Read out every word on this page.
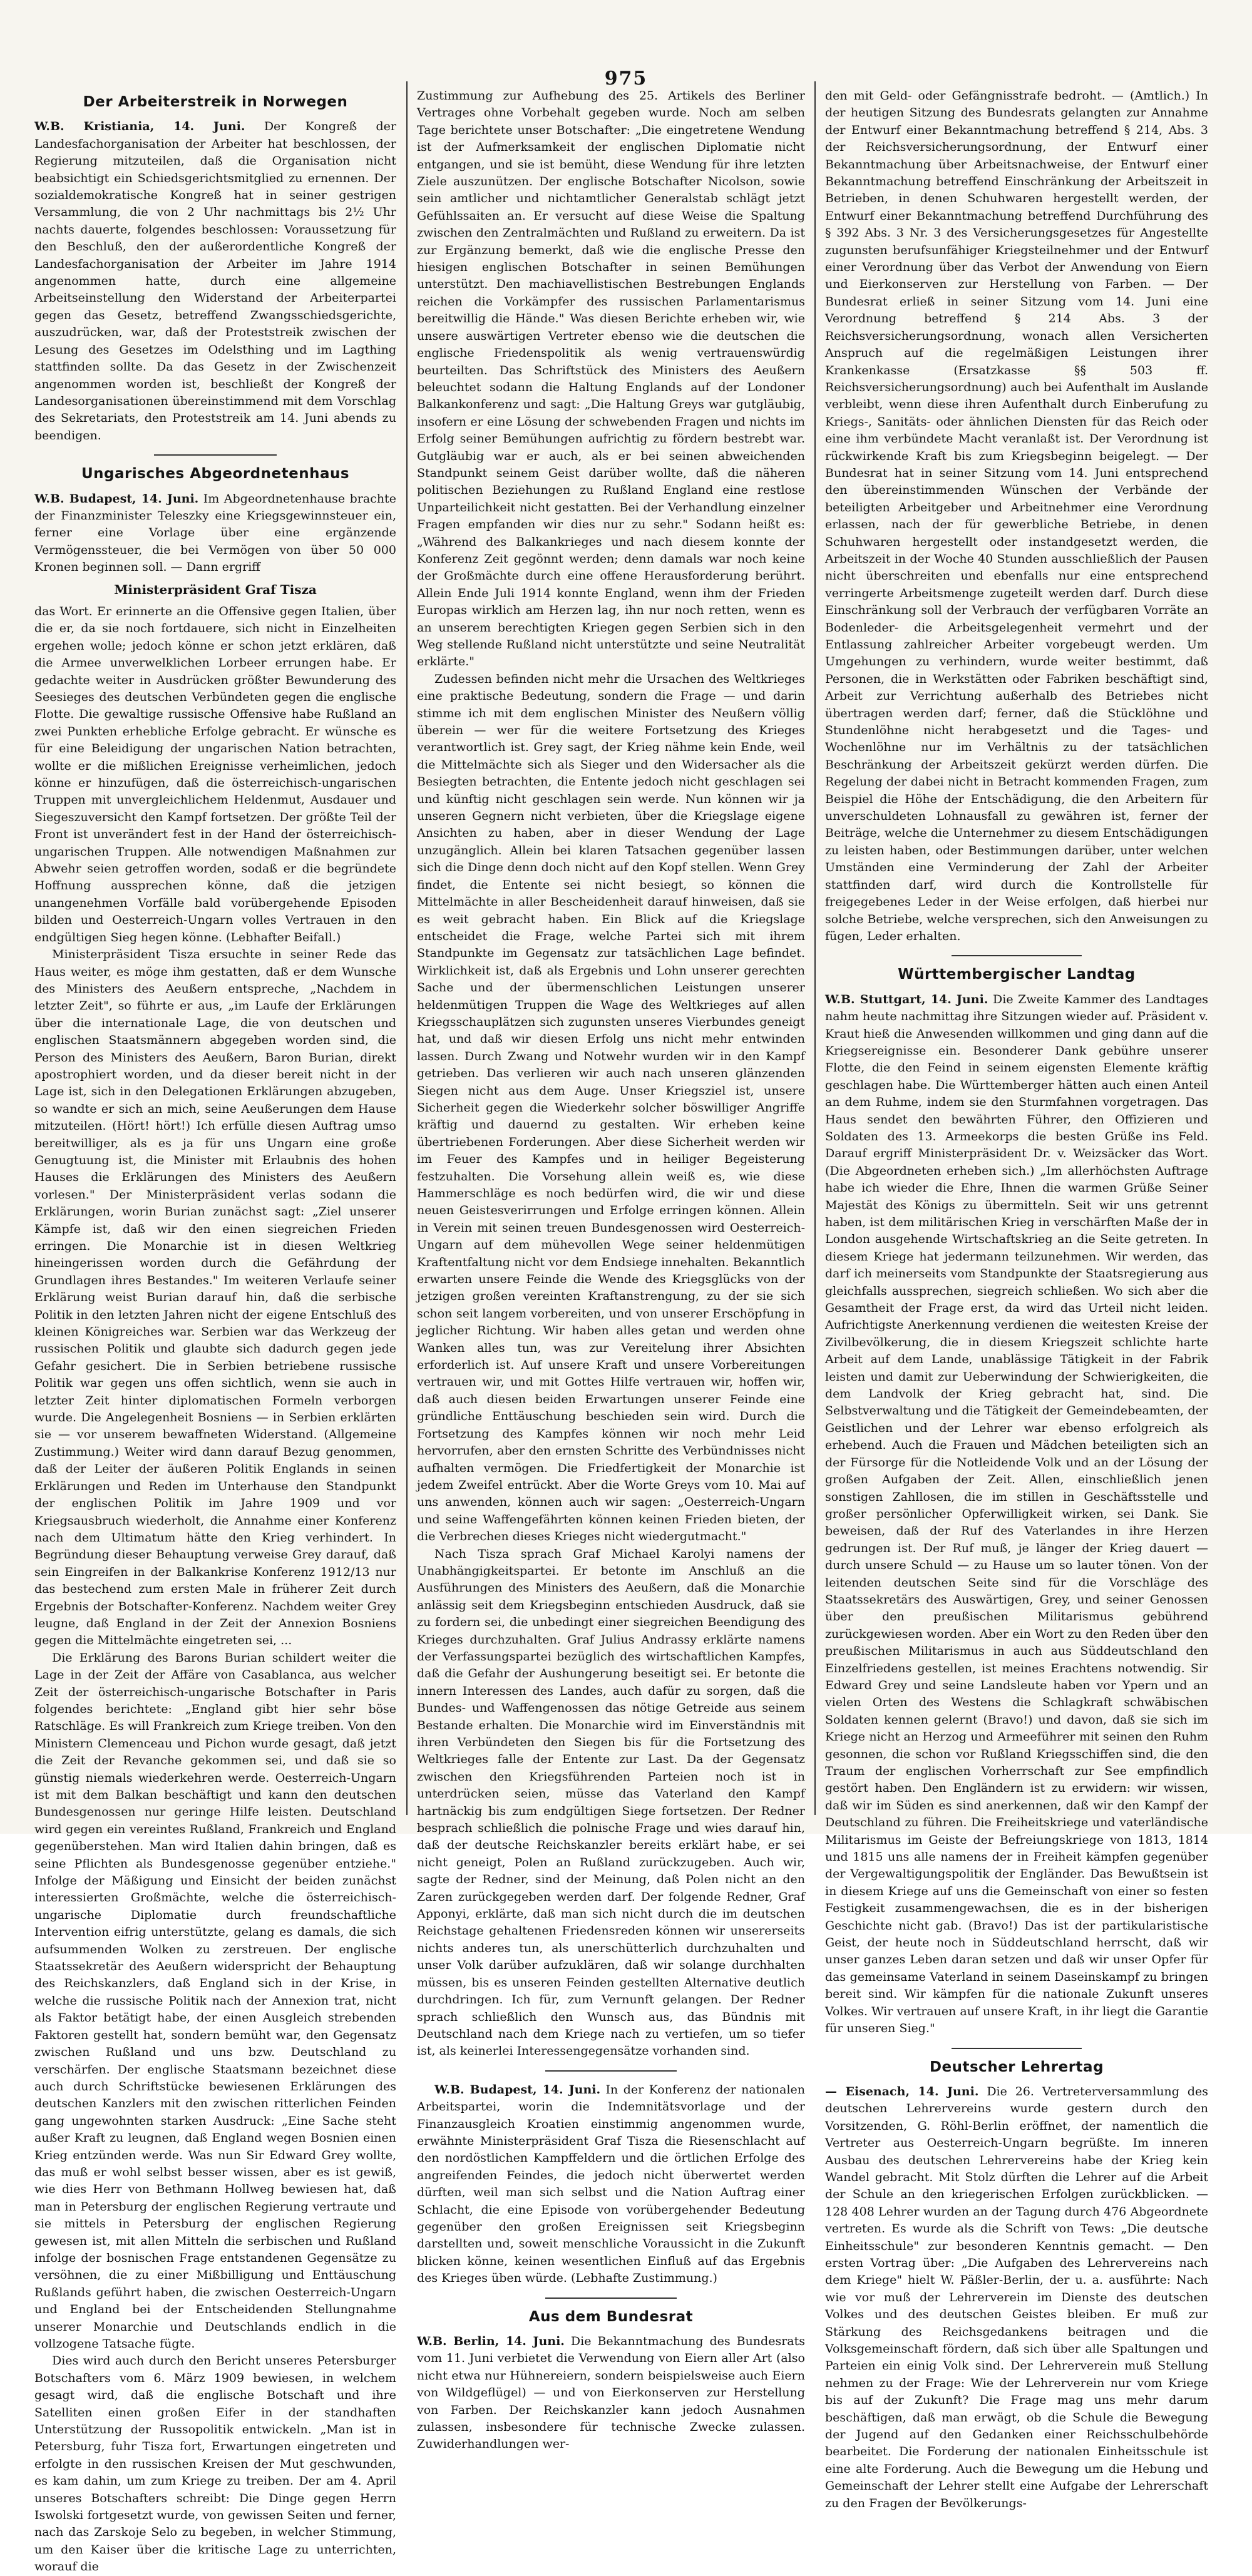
975
Der Arbeiterstreik in Norwegen

W.B. Kristiania, 14. Juni. Der Kongreß der Landesfachorganisation der Arbeiter hat beschlossen, der Regierung mitzuteilen, daß die Organisation nicht beabsichtigt ein Schiedsgerichtsmitglied zu ernennen. Der sozialdemokratische Kongreß hat in seiner gestrigen Versammlung, die von 2 Uhr nachmittags bis 2½ Uhr nachts dauerte, folgendes beschlossen: Voraussetzung für den Beschluß, den der außerordentliche Kongreß der Landesfachorganisation der Arbeiter im Jahre 1914 angenommen hatte, durch eine allgemeine Arbeitseinstellung den Widerstand der Arbeiterpartei gegen das Gesetz, betreffend Zwangsschiedsgerichte, auszudrücken, war, daß der Proteststreik zwischen der Lesung des Gesetzes im Odelsthing und im Lagthing stattfinden sollte. Da das Gesetz in der Zwischenzeit angenommen worden ist, beschließt der Kongreß der Landesorganisationen übereinstimmend mit dem Vorschlag des Sekretariats, den Proteststreik am 14. Juni abends zu beendigen.

Ungarisches Abgeordnetenhaus

W.B. Budapest, 14. Juni. Im Abgeordnetenhause brachte der Finanzminister Teleszky eine Kriegsgewinnsteuer ein, ferner eine Vorlage über eine ergänzende Vermögenssteuer, die bei Vermögen von über 50 000 Kronen beginnen soll. — Dann ergriff

Ministerpräsident Graf Tisza

das Wort. Er erinnerte an die Offensive gegen Italien, über die er, da sie noch fortdauere, sich nicht in Einzelheiten ergehen wolle; jedoch könne er schon jetzt erklären, daß die Armee unverwelklichen Lorbeer errungen habe. Er gedachte weiter in Ausdrücken größter Bewunderung des Seesieges des deutschen Verbündeten gegen die englische Flotte. Die gewaltige russische Offensive habe Rußland an zwei Punkten erhebliche Erfolge gebracht. Er wünsche es für eine Beleidigung der ungarischen Nation betrachten, wollte er die mißlichen Ereignisse verheimlichen, jedoch könne er hinzufügen, daß die österreichisch-ungarischen Truppen mit unvergleichlichem Heldenmut, Ausdauer und Siegeszuversicht den Kampf fortsetzen. Der größte Teil der Front ist unverändert fest in der Hand der österreichisch-ungarischen Truppen. Alle notwendigen Maßnahmen zur Abwehr seien getroffen worden, sodaß er die begründete Hoffnung aussprechen könne, daß die jetzigen unangenehmen Vorfälle bald vorübergehende Episoden bilden und Oesterreich-Ungarn volles Vertrauen in den endgültigen Sieg hegen könne. (Lebhafter Beifall.)

Ministerpräsident Tisza ersuchte in seiner Rede das Haus weiter, es möge ihm gestatten, daß er dem Wunsche des Ministers des Aeußern entspreche, „Nachdem in letzter Zeit", so führte er aus, „im Laufe der Erklärungen über die internationale Lage, die von deutschen und englischen Staatsmännern abgegeben worden sind, die Person des Ministers des Aeußern, Baron Burian, direkt apostrophiert worden, und da dieser bereit nicht in der Lage ist, sich in den Delegationen Erklärungen abzugeben, so wandte er sich an mich, seine Aeußerungen dem Hause mitzuteilen. (Hört! hört!) Ich erfülle diesen Auftrag umso bereitwilliger, als es ja für uns Ungarn eine große Genugtuung ist, die Minister mit Erlaubnis des hohen Hauses die Erklärungen des Ministers des Aeußern vorlesen." Der Ministerpräsident verlas sodann die Erklärungen, worin Burian zunächst sagt: „Ziel unserer Kämpfe ist, daß wir den einen siegreichen Frieden erringen. Die Monarchie ist in diesen Weltkrieg hineingerissen worden durch die Gefährdung der Grundlagen ihres Bestandes." Im weiteren Verlaufe seiner Erklärung weist Burian darauf hin, daß die serbische Politik in den letzten Jahren nicht der eigene Entschluß des kleinen Königreiches war. Serbien war das Werkzeug der russischen Politik und glaubte sich dadurch gegen jede Gefahr gesichert. Die in Serbien betriebene russische Politik war gegen uns offen sichtlich, wenn sie auch in letzter Zeit hinter diplomatischen Formeln verborgen wurde. Die Angelegenheit Bosniens — in Serbien erklärten sie — vor unserem bewaffneten Widerstand. (Allgemeine Zustimmung.) Weiter wird dann darauf Bezug genommen, daß der Leiter der äußeren Politik Englands in seinen Erklärungen und Reden im Unterhause den Standpunkt der englischen Politik im Jahre 1909 und vor Kriegsausbruch wiederholt, die Annahme einer Konferenz nach dem Ultimatum hätte den Krieg verhindert. In Begründung dieser Behauptung verweise Grey darauf, daß sein Eingreifen in der Balkankrise Konferenz 1912/13 nur das bestechend zum ersten Male in früherer Zeit durch Ergebnis der Botschafter-Konferenz. Nachdem weiter Grey leugne, daß England in der Zeit der Annexion Bosniens gegen die Mittelmächte eingetreten sei, ...

Die Erklärung des Barons Burian schildert weiter die Lage in der Zeit der Affäre von Casablanca, aus welcher Zeit der österreichisch-ungarische Botschafter in Paris folgendes berichtete: „England gibt hier sehr böse Ratschläge. Es will Frankreich zum Kriege treiben. Von den Ministern Clemenceau und Pichon wurde gesagt, daß jetzt die Zeit der Revanche gekommen sei, und daß sie so günstig niemals wiederkehren werde. Oesterreich-Ungarn ist mit dem Balkan beschäftigt und kann den deutschen Bundesgenossen nur geringe Hilfe leisten. Deutschland wird gegen ein vereintes Rußland, Frankreich und England gegenüberstehen. Man wird Italien dahin bringen, daß es seine Pflichten als Bundesgenosse gegenüber entziehe." Infolge der Mäßigung und Einsicht der beiden zunächst interessierten Großmächte, welche die österreichisch-ungarische Diplomatie durch freundschaftliche Intervention eifrig unterstützte, gelang es damals, die sich aufsummenden Wolken zu zerstreuen. Der englische Staatssekretär des Aeußern widerspricht der Behauptung des Reichskanzlers, daß England sich in der Krise, in welche die russische Politik nach der Annexion trat, nicht als Faktor betätigt habe, der einen Ausgleich strebenden Faktoren gestellt hat, sondern bemüht war, den Gegensatz zwischen Rußland und uns bzw. Deutschland zu verschärfen. Der englische Staatsmann bezeichnet diese auch durch Schriftstücke bewiesenen Erklärungen des deutschen Kanzlers mit den zwischen ritterlichen Feinden gang ungewohnten starken Ausdruck: „Eine Sache steht außer Kraft zu leugnen, daß England wegen Bosnien einen Krieg entzünden werde. Was nun Sir Edward Grey wollte, das muß er wohl selbst besser wissen, aber es ist gewiß, wie dies Herr von Bethmann Hollweg bewiesen hat, daß man in Petersburg der englischen Regierung vertraute und sie mittels in Petersburg der englischen Regierung gewesen ist, mit allen Mitteln die serbischen und Rußland infolge der bosnischen Frage entstandenen Gegensätze zu versöhnen, die zu einer Mißbilligung und Enttäuschung Rußlands geführt haben, die zwischen Oesterreich-Ungarn und England bei der Entscheidenden Stellungnahme unserer Monarchie und Deutschlands endlich in die vollzogene Tatsache fügte.

Dies wird auch durch den Bericht unseres Petersburger Botschafters vom 6. März 1909 bewiesen, in welchem gesagt wird, daß die englische Botschaft und ihre Satelliten einen großen Eifer in der standhaften Unterstützung der Russopolitik entwickeln. „Man ist in Petersburg, fuhr Tisza fort, Erwartungen eingetreten und erfolgte in den russischen Kreisen der Mut geschwunden, es kam dahin, um zum Kriege zu treiben. Der am 4. April unseres Botschafters schreibt: Die Dinge gegen Herrn Iswolski fortgesetzt wurde, von gewissen Seiten und ferner, nach das Zarskoje Selo zu begeben, in welcher Stimmung, um den Kaiser über die kritische Lage zu unterrichten, worauf die

Zustimmung zur Aufhebung des 25. Artikels des Berliner Vertrages ohne Vorbehalt gegeben wurde. Noch am selben Tage berichtete unser Botschafter: „Die eingetretene Wendung ist der Aufmerksamkeit der englischen Diplomatie nicht entgangen, und sie ist bemüht, diese Wendung für ihre letzten Ziele auszunützen. Der englische Botschafter Nicolson, sowie sein amtlicher und nichtamtlicher Generalstab schlägt jetzt Gefühlssaiten an. Er versucht auf diese Weise die Spaltung zwischen den Zentralmächten und Rußland zu erweitern. Da ist zur Ergänzung bemerkt, daß wie die englische Presse den hiesigen englischen Botschafter in seinen Bemühungen unterstützt. Den machiavellistischen Bestrebungen Englands reichen die Vorkämpfer des russischen Parlamentarismus bereitwillig die Hände." Was diesen Berichte erheben wir, wie unsere auswärtigen Vertreter ebenso wie die deutschen die englische Friedenspolitik als wenig vertrauenswürdig beurteilten. Das Schriftstück des Ministers des Aeußern beleuchtet sodann die Haltung Englands auf der Londoner Balkankonferenz und sagt: „Die Haltung Greys war gutgläubig, insofern er eine Lösung der schwebenden Fragen und nichts im Erfolg seiner Bemühungen aufrichtig zu fördern bestrebt war. Gutgläubig war er auch, als er bei seinen abweichenden Standpunkt seinem Geist darüber wollte, daß die näheren politischen Beziehungen zu Rußland England eine restlose Unparteilichkeit nicht gestatten. Bei der Verhandlung einzelner Fragen empfanden wir dies nur zu sehr." Sodann heißt es: „Während des Balkankrieges und nach diesem konnte der Konferenz Zeit gegönnt werden; denn damals war noch keine der Großmächte durch eine offene Herausforderung berührt. Allein Ende Juli 1914 konnte England, wenn ihm der Frieden Europas wirklich am Herzen lag, ihn nur noch retten, wenn es an unserem berechtigten Kriegen gegen Serbien sich in den Weg stellende Rußland nicht unterstützte und seine Neutralität erklärte."

Zudessen befinden nicht mehr die Ursachen des Weltkrieges eine praktische Bedeutung, sondern die Frage — und darin stimme ich mit dem englischen Minister des Neußern völlig überein — wer für die weitere Fortsetzung des Krieges verantwortlich ist. Grey sagt, der Krieg nähme kein Ende, weil die Mittelmächte sich als Sieger und den Widersacher als die Besiegten betrachten, die Entente jedoch nicht geschlagen sei und künftig nicht geschlagen sein werde. Nun können wir ja unseren Gegnern nicht verbieten, über die Kriegslage eigene Ansichten zu haben, aber in dieser Wendung der Lage unzugänglich. Allein bei klaren Tatsachen gegenüber lassen sich die Dinge denn doch nicht auf den Kopf stellen. Wenn Grey findet, die Entente sei nicht besiegt, so können die Mittelmächte in aller Bescheidenheit darauf hinweisen, daß sie es weit gebracht haben. Ein Blick auf die Kriegslage entscheidet die Frage, welche Partei sich mit ihrem Standpunkte im Gegensatz zur tatsächlichen Lage befindet. Wirklichkeit ist, daß als Ergebnis und Lohn unserer gerechten Sache und der übermenschlichen Leistungen unserer heldenmütigen Truppen die Wage des Weltkrieges auf allen Kriegsschauplätzen sich zugunsten unseres Vierbundes geneigt hat, und daß wir diesen Erfolg uns nicht mehr entwinden lassen. Durch Zwang und Notwehr wurden wir in den Kampf getrieben. Das verlieren wir auch nach unseren glänzenden Siegen nicht aus dem Auge. Unser Kriegsziel ist, unsere Sicherheit gegen die Wiederkehr solcher böswilliger Angriffe kräftig und dauernd zu gestalten. Wir erheben keine übertriebenen Forderungen. Aber diese Sicherheit werden wir im Feuer des Kampfes und in heiliger Begeisterung festzuhalten. Die Vorsehung allein weiß es, wie diese Hammerschläge es noch bedürfen wird, die wir und diese neuen Geistesverirrungen und Erfolge erringen können. Allein in Verein mit seinen treuen Bundesgenossen wird Oesterreich-Ungarn auf dem mühevollen Wege seiner heldenmütigen Kraftentfaltung nicht vor dem Endsiege innehalten. Bekanntlich erwarten unsere Feinde die Wende des Kriegsglücks von der jetzigen großen vereinten Kraftanstrengung, zu der sie sich schon seit langem vorbereiten, und von unserer Erschöpfung in jeglicher Richtung. Wir haben alles getan und werden ohne Wanken alles tun, was zur Vereitelung ihrer Absichten erforderlich ist. Auf unsere Kraft und unsere Vorbereitungen vertrauen wir, und mit Gottes Hilfe vertrauen wir, hoffen wir, daß auch diesen beiden Erwartungen unserer Feinde eine gründliche Enttäuschung beschieden sein wird. Durch die Fortsetzung des Kampfes können wir noch mehr Leid hervorrufen, aber den ernsten Schritte des Verbündnisses nicht aufhalten vermögen. Die Friedfertigkeit der Monarchie ist jedem Zweifel entrückt. Aber die Worte Greys vom 10. Mai auf uns anwenden, können auch wir sagen: „Oesterreich-Ungarn und seine Waffengefährten können keinen Frieden bieten, der die Verbrechen dieses Krieges nicht wiedergutmacht."

Nach Tisza sprach Graf Michael Karolyi namens der Unabhängigkeitspartei. Er betonte im Anschluß an die Ausführungen des Ministers des Aeußern, daß die Monarchie anlässig seit dem Kriegsbeginn entschieden Ausdruck, daß sie zu fordern sei, die unbedingt einer siegreichen Beendigung des Krieges durchzuhalten. Graf Julius Andrassy erklärte namens der Verfassungspartei bezüglich des wirtschaftlichen Kampfes, daß die Gefahr der Aushungerung beseitigt sei. Er betonte die innern Interessen des Landes, auch dafür zu sorgen, daß die Bundes- und Waffengenossen das nötige Getreide aus seinem Bestande erhalten. Die Monarchie wird im Einverständnis mit ihren Verbündeten den Siegen bis für die Fortsetzung des Weltkrieges falle der Entente zur Last. Da der Gegensatz zwischen den Kriegsführenden Parteien noch ist in unterdrücken seien, müsse das Vaterland den Kampf hartnäckig bis zum endgültigen Siege fortsetzen. Der Redner besprach schließlich die polnische Frage und wies darauf hin, daß der deutsche Reichskanzler bereits erklärt habe, er sei nicht geneigt, Polen an Rußland zurückzugeben. Auch wir, sagte der Redner, sind der Meinung, daß Polen nicht an den Zaren zurückgegeben werden darf. Der folgende Redner, Graf Apponyi, erklärte, daß man sich nicht durch die im deutschen Reichstage gehaltenen Friedensreden können wir unsererseits nichts anderes tun, als unerschütterlich durchzuhalten und unser Volk darüber aufzuklären, daß wir solange durchhalten müssen, bis es unseren Feinden gestellten Alternative deutlich durchdringen. Ich für, zum Vernunft gelangen. Der Redner sprach schließlich den Wunsch aus, das Bündnis mit Deutschland nach dem Kriege nach zu vertiefen, um so tiefer ist, als keinerlei Interessengegensätze vorhanden sind.

W.B. Budapest, 14. Juni. In der Konferenz der nationalen Arbeitspartei, worin die Indemnitätsvorlage und der Finanzausgleich Kroatien einstimmig angenommen wurde, erwähnte Ministerpräsident Graf Tisza die Riesenschlacht auf den nordöstlichen Kampffeldern und die örtlichen Erfolge des angreifenden Feindes, die jedoch nicht überwertet werden dürften, weil man sich selbst und die Nation Auftrag einer Schlacht, die eine Episode von vorübergehender Bedeutung gegenüber den großen Ereignissen seit Kriegsbeginn darstellten und, soweit menschliche Voraussicht in die Zukunft blicken könne, keinen wesentlichen Einfluß auf das Ergebnis des Krieges üben würde. (Lebhafte Zustimmung.)

Aus dem Bundesrat

W.B. Berlin, 14. Juni. Die Bekanntmachung des Bundesrats vom 11. Juni verbietet die Verwendung von Eiern aller Art (also nicht etwa nur Hühnereiern, sondern beispielsweise auch Eiern von Wildgeflügel) — und von Eierkonserven zur Herstellung von Farben. Der Reichskanzler kann jedoch Ausnahmen zulassen, insbesondere für technische Zwecke zulassen. Zuwiderhandlungen wer-

den mit Geld- oder Gefängnisstrafe bedroht. — (Amtlich.) In der heutigen Sitzung des Bundesrats gelangten zur Annahme der Entwurf einer Bekanntmachung betreffend § 214, Abs. 3 der Reichsversicherungsordnung, der Entwurf einer Bekanntmachung über Arbeitsnachweise, der Entwurf einer Bekanntmachung betreffend Einschränkung der Arbeitszeit in Betrieben, in denen Schuhwaren hergestellt werden, der Entwurf einer Bekanntmachung betreffend Durchführung des § 392 Abs. 3 Nr. 3 des Versicherungsgesetzes für Angestellte zugunsten berufsunfähiger Kriegsteilnehmer und der Entwurf einer Verordnung über das Verbot der Anwendung von Eiern und Eierkonserven zur Herstellung von Farben. — Der Bundesrat erließ in seiner Sitzung vom 14. Juni eine Verordnung betreffend § 214 Abs. 3 der Reichsversicherungsordnung, wonach allen Versicherten Anspruch auf die regelmäßigen Leistungen ihrer Krankenkasse (Ersatzkasse §§ 503 ff. Reichsversicherungsordnung) auch bei Aufenthalt im Auslande verbleibt, wenn diese ihren Aufenthalt durch Einberufung zu Kriegs-, Sanitäts- oder ähnlichen Diensten für das Reich oder eine ihm verbündete Macht veranlaßt ist. Der Verordnung ist rückwirkende Kraft bis zum Kriegsbeginn beigelegt. — Der Bundesrat hat in seiner Sitzung vom 14. Juni entsprechend den übereinstimmenden Wünschen der Verbände der beteiligten Arbeitgeber und Arbeitnehmer eine Verordnung erlassen, nach der für gewerbliche Betriebe, in denen Schuhwaren hergestellt oder instandgesetzt werden, die Arbeitszeit in der Woche 40 Stunden ausschließlich der Pausen nicht überschreiten und ebenfalls nur eine entsprechend verringerte Arbeitsmenge zugeteilt werden darf. Durch diese Einschränkung soll der Verbrauch der verfügbaren Vorräte an Bodenleder- die Arbeitsgelegenheit vermehrt und der Entlassung zahlreicher Arbeiter vorgebeugt werden. Um Umgehungen zu verhindern, wurde weiter bestimmt, daß Personen, die in Werkstätten oder Fabriken beschäftigt sind, Arbeit zur Verrichtung außerhalb des Betriebes nicht übertragen werden darf; ferner, daß die Stücklöhne und Stundenlöhne nicht herabgesetzt und die Tages- und Wochenlöhne nur im Verhältnis zu der tatsächlichen Beschränkung der Arbeitszeit gekürzt werden dürfen. Die Regelung der dabei nicht in Betracht kommenden Fragen, zum Beispiel die Höhe der Entschädigung, die den Arbeitern für unverschuldeten Lohnausfall zu gewähren ist, ferner der Beiträge, welche die Unternehmer zu diesem Entschädigungen zu leisten haben, oder Bestimmungen darüber, unter welchen Umständen eine Verminderung der Zahl der Arbeiter stattfinden darf, wird durch die Kontrollstelle für freigegebenes Leder in der Weise erfolgen, daß hierbei nur solche Betriebe, welche versprechen, sich den Anweisungen zu fügen, Leder erhalten.

Württembergischer Landtag

W.B. Stuttgart, 14. Juni. Die Zweite Kammer des Landtages nahm heute nachmittag ihre Sitzungen wieder auf. Präsident v. Kraut hieß die Anwesenden willkommen und ging dann auf die Kriegsereignisse ein. Besonderer Dank gebühre unserer Flotte, die den Feind in seinem eigensten Elemente kräftig geschlagen habe. Die Württemberger hätten auch einen Anteil an dem Ruhme, indem sie den Sturmfahnen vorgetragen. Das Haus sendet den bewährten Führer, den Offizieren und Soldaten des 13. Armeekorps die besten Grüße ins Feld. Darauf ergriff Ministerpräsident Dr. v. Weizsäcker das Wort. (Die Abgeordneten erheben sich.) „Im allerhöchsten Auftrage habe ich wieder die Ehre, Ihnen die warmen Grüße Seiner Majestät des Königs zu übermitteln. Seit wir uns getrennt haben, ist dem militärischen Krieg in verschärften Maße der in London ausgehende Wirtschaftskrieg an die Seite getreten. In diesem Kriege hat jedermann teilzunehmen. Wir werden, das darf ich meinerseits vom Standpunkte der Staatsregierung aus gleichfalls aussprechen, siegreich schließen. Wo sich aber die Gesamtheit der Frage erst, da wird das Urteil nicht leiden. Aufrichtigste Anerkennung verdienen die weitesten Kreise der Zivilbevölkerung, die in diesem Kriegszeit schlichte harte Arbeit auf dem Lande, unablässige Tätigkeit in der Fabrik leisten und damit zur Ueberwindung der Schwierigkeiten, die dem Landvolk der Krieg gebracht hat, sind. Die Selbstverwaltung und die Tätigkeit der Gemeindebeamten, der Geistlichen und der Lehrer war ebenso erfolgreich als erhebend. Auch die Frauen und Mädchen beteiligten sich an der Fürsorge für die Notleidende Volk und an der Lösung der großen Aufgaben der Zeit. Allen, einschließlich jenen sonstigen Zahllosen, die im stillen in Geschäftsstelle und großer persönlicher Opferwilligkeit wirken, sei Dank. Sie beweisen, daß der Ruf des Vaterlandes in ihre Herzen gedrungen ist. Der Ruf muß, je länger der Krieg dauert — durch unsere Schuld — zu Hause um so lauter tönen. Von der leitenden deutschen Seite sind für die Vorschläge des Staatssekretärs des Auswärtigen, Grey, und seiner Genossen über den preußischen Militarismus gebührend zurückgewiesen worden. Aber ein Wort zu den Reden über den preußischen Militarismus in auch aus Süddeutschland den Einzelfriedens gestellen, ist meines Erachtens notwendig. Sir Edward Grey und seine Landsleute haben vor Ypern und an vielen Orten des Westens die Schlagkraft schwäbischen Soldaten kennen gelernt (Bravo!) und davon, daß sie sich im Kriege nicht an Herzog und Armeeführer mit seinen den Ruhm gesonnen, die schon vor Rußland Kriegsschiffen sind, die den Traum der englischen Vorherrschaft zur See empfindlich gestört haben. Den Engländern ist zu erwidern: wir wissen, daß wir im Süden es sind anerkennen, daß wir den Kampf der Deutschland zu führen. Die Freiheitskriege und vaterländische Militarismus im Geiste der Befreiungskriege von 1813, 1814 und 1815 uns alle namens der in Freiheit kämpfen gegenüber der Vergewaltigungspolitik der Engländer. Das Bewußtsein ist in diesem Kriege auf uns die Gemeinschaft von einer so festen Festigkeit zusammengewachsen, die es in der bisherigen Geschichte nicht gab. (Bravo!) Das ist der partikularistische Geist, der heute noch in Süddeutschland herrscht, daß wir unser ganzes Leben daran setzen und daß wir unser Opfer für das gemeinsame Vaterland in seinem Daseinskampf zu bringen bereit sind. Wir kämpfen für die nationale Zukunft unseres Volkes. Wir vertrauen auf unsere Kraft, in ihr liegt die Garantie für unseren Sieg."

Deutscher Lehrertag

— Eisenach, 14. Juni. Die 26. Vertreterversammlung des deutschen Lehrervereins wurde gestern durch den Vorsitzenden, G. Röhl-Berlin eröffnet, der namentlich die Vertreter aus Oesterreich-Ungarn begrüßte. Im inneren Ausbau des deutschen Lehrervereins habe der Krieg kein Wandel gebracht. Mit Stolz dürften die Lehrer auf die Arbeit der Schule an den kriegerischen Erfolgen zurückblicken. — 128 408 Lehrer wurden an der Tagung durch 476 Abgeordnete vertreten. Es wurde als die Schrift von Tews: „Die deutsche Einheitsschule" zur besonderen Kenntnis gemacht. — Den ersten Vortrag über: „Die Aufgaben des Lehrervereins nach dem Kriege" hielt W. Päßler-Berlin, der u. a. ausführte: Nach wie vor muß der Lehrerverein im Dienste des deutschen Volkes und des deutschen Geistes bleiben. Er muß zur Stärkung des Reichsgedankens beitragen und die Volksgemeinschaft fördern, daß sich über alle Spaltungen und Parteien ein einig Volk sind. Der Lehrerverein muß Stellung nehmen zu der Frage: Wie der Lehrerverein nur vom Kriege bis auf der Zukunft? Die Frage mag uns mehr darum beschäftigen, daß man erwägt, ob die Schule die Bewegung der Jugend auf den Gedanken einer Reichsschulbehörde bearbeitet. Die Forderung der nationalen Einheitsschule ist eine alte Forderung. Auch die Bewegung um die Hebung und Gemeinschaft der Lehrer stellt eine Aufgabe der Lehrerschaft zu den Fragen der Bevölkerungs-
